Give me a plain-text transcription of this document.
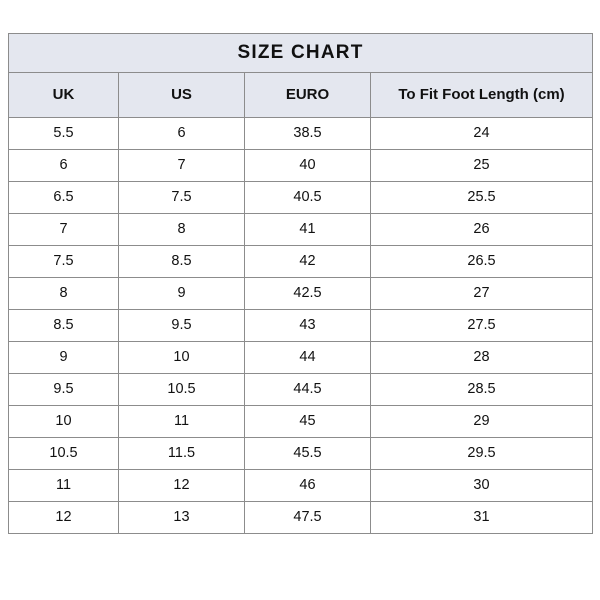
SIZE CHART			
UK	US	EURO	To Fit Foot Length (cm)
5.5	6	38.5	24
6	7	40	25
6.5	7.5	40.5	25.5
7	8	41	26
7.5	8.5	42	26.5
8	9	42.5	27
8.5	9.5	43	27.5
9	10	44	28
9.5	10.5	44.5	28.5
10	11	45	29
10.5	11.5	45.5	29.5
11	12	46	30
12	13	47.5	31
